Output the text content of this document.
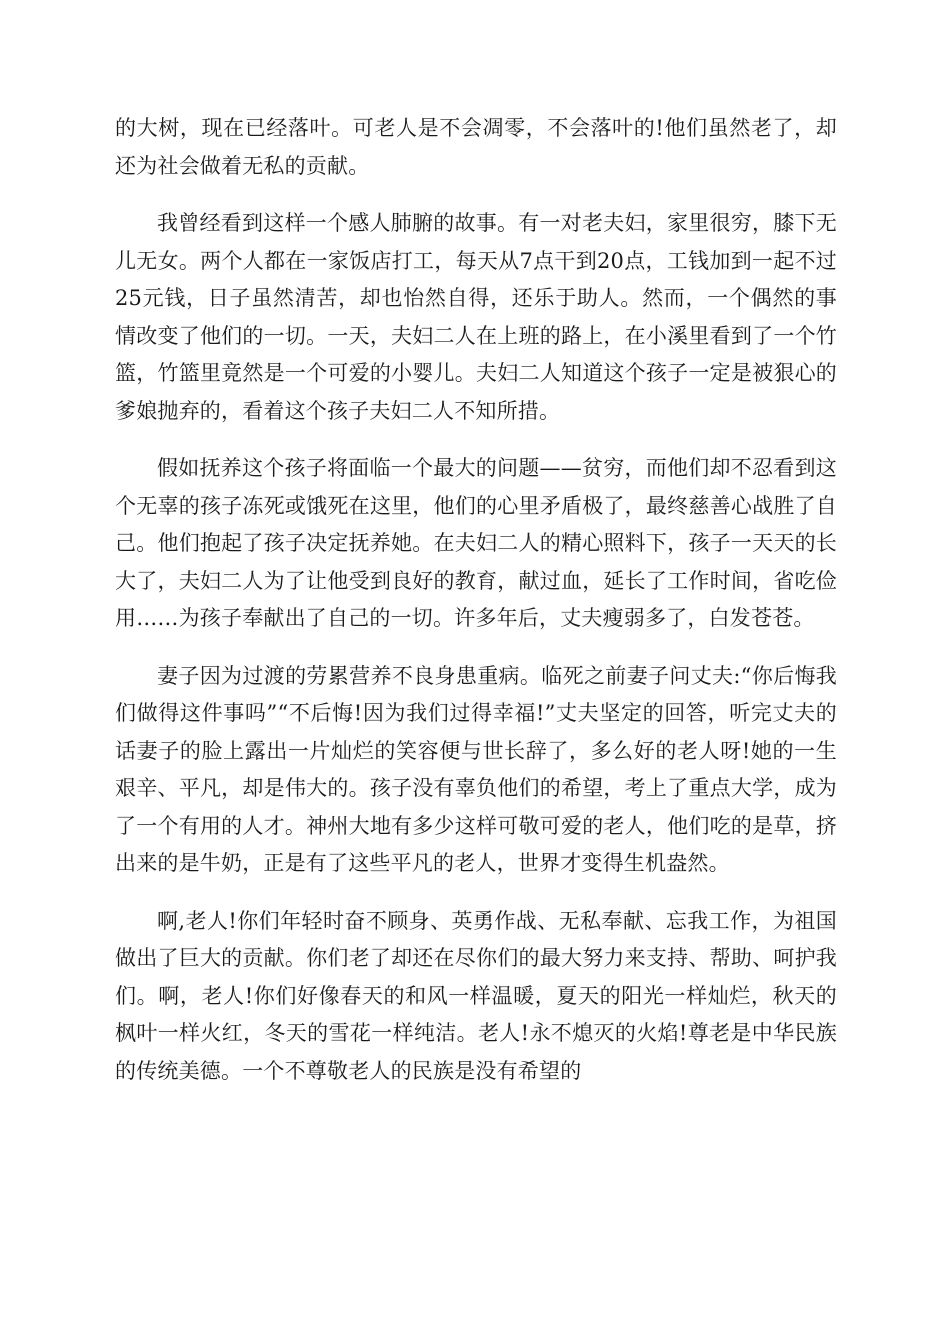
的大树，现在已经落叶。可老人是不会凋零，不会落叶的!他们虽然老了，却还为社会做着无私的贡献。

我曾经看到这样一个感人肺腑的故事。有一对老夫妇，家里很穷，膝下无儿无女。两个人都在一家饭店打工，每天从7点干到20点，工钱加到一起不过25元钱，日子虽然清苦，却也怡然自得，还乐于助人。然而，一个偶然的事情改变了他们的一切。一天，夫妇二人在上班的路上，在小溪里看到了一个竹篮，竹篮里竟然是一个可爱的小婴儿。夫妇二人知道这个孩子一定是被狠心的爹娘抛弃的，看着这个孩子夫妇二人不知所措。

假如抚养这个孩子将面临一个最大的问题——贫穷，而他们却不忍看到这个无辜的孩子冻死或饿死在这里，他们的心里矛盾极了，最终慈善心战胜了自己。他们抱起了孩子决定抚养她。在夫妇二人的精心照料下，孩子一天天的长大了，夫妇二人为了让他受到良好的教育，献过血，延长了工作时间，省吃俭用……为孩子奉献出了自己的一切。许多年后，丈夫瘦弱多了，白发苍苍。

妻子因为过渡的劳累营养不良身患重病。临死之前妻子问丈夫:“你后悔我们做得这件事吗”“不后悔!因为我们过得幸福!”丈夫坚定的回答，听完丈夫的话妻子的脸上露出一片灿烂的笑容便与世长辞了，多么好的老人呀!她的一生艰辛、平凡，却是伟大的。孩子没有辜负他们的希望，考上了重点大学，成为了一个有用的人才。神州大地有多少这样可敬可爱的老人，他们吃的是草，挤出来的是牛奶，正是有了这些平凡的老人，世界才变得生机盎然。

啊,老人!你们年轻时奋不顾身、英勇作战、无私奉献、忘我工作，为祖国做出了巨大的贡献。你们老了却还在尽你们的最大努力来支持、帮助、呵护我们。啊，老人!你们好像春天的和风一样温暖，夏天的阳光一样灿烂，秋天的枫叶一样火红，冬天的雪花一样纯洁。老人!永不熄灭的火焰!尊老是中华民族的传统美德。一个不尊敬老人的民族是没有希望的
